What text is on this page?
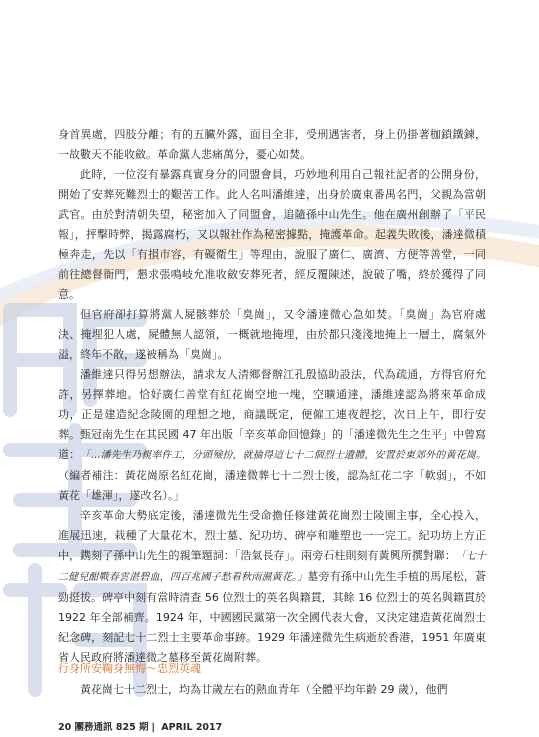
身首異處，四肢分離；有的五臟外露，面目全非，受刑遇害者，身上仍掛著枷鎖鐵鍊，一故數天不能收斂。革命黨人悲痛萬分，憂心如焚。

此時，一位沒有暴露真實身分的同盟會員，巧妙地利用自己報社記者的公開身份，開始了安葬死難烈士的艱苦工作。此人名叫潘維達，出身於廣東番禺名門，父親為當朝武官。由於對清朝失望，秘密加入了同盟會，追隨孫中山先生。他在廣州創辦了「平民報」，抨擊時弊，揭露腐朽，又以報社作為秘密據點，掩護革命。起義失敗後，潘達微積極奔走，先以「有損市容，有礙衛生」等理由，說服了廣仁、廣濟、方便等善堂，一同前往總督衙門，懇求張鳴岐允准收斂安葬死者，經反覆陳述，說破了嘴，終於獲得了同意。

但官府卻打算將黨人屍骸葬於「臭崗」，又令潘達微心急如焚。「臭崗」為官府處決、掩埋犯人處，屍體無人認領，一概就地掩埋，由於都只淺淺地掩上一層土，腐氣外溢，終年不散，遂被稱為「臭崗」。

潘維達只得另想辦法，請求友人清鄉督辦江孔殷協助設法，代為疏通，方得官府允許，另擇葬地。恰好廣仁善堂有紅花崗空地一塊，空曠通達，潘維達認為將來革命成功，正是建造紀念陵園的理想之地，商議既定，便僱工連夜趕挖，次日上午，即行安葬。甄冠南先生在其民國 47 年出版「辛亥革命回憶錄」的「潘達微先生之生平」中曾寫道：「…潘先生乃親率仵工，分頭殮扮，就掄得這七十二個烈士遺體，安置於東郊外的黃花崗。（編者補注：黃花崗原名紅花崗，潘達微葬七十二烈士後，認為紅花二字「軟弱」，不如黃花「雄渾」，遂改名）。」

辛亥革命大勢底定後，潘達微先生受命擔任修建黃花崗烈士陵園主事，全心投入，進展迅速，栽種了大量花木，烈士墓、紀功坊、碑亭和雕塑也一一完工。紀功坊上方正中，鎸刻了孫中山先生的親筆題詞：「浩氣長存」。兩旁石柱則刻有黃興所撰對聯：「七十二健兒酣戰春雲湛碧血，四百兆國子愁看秋雨濕黃花。」墓旁有孫中山先生手植的馬尾松，蒼勁挺拔。碑亭中刻有當時清查 56 位烈士的英名與籍貫，其餘 16 位烈士的英名與籍貫於 1922 年全部補齊。1924 年，中國國民黨第一次全國代表大會，又決定建造黃花崗烈士紀念碑，刻記七十二烈士主要革命事跡。1929 年潘達微先生病逝於香港，1951 年廣東省人民政府將潘達微之墓移至黃花崗附葬。

行身所安鞠身無悔～忠烈英魂
黃花崗七十二烈士，均為廿歲左右的熱血青年（全體平均年齡 29 歲），他們
20 團務通訊 825 期 | APRIL 2017
